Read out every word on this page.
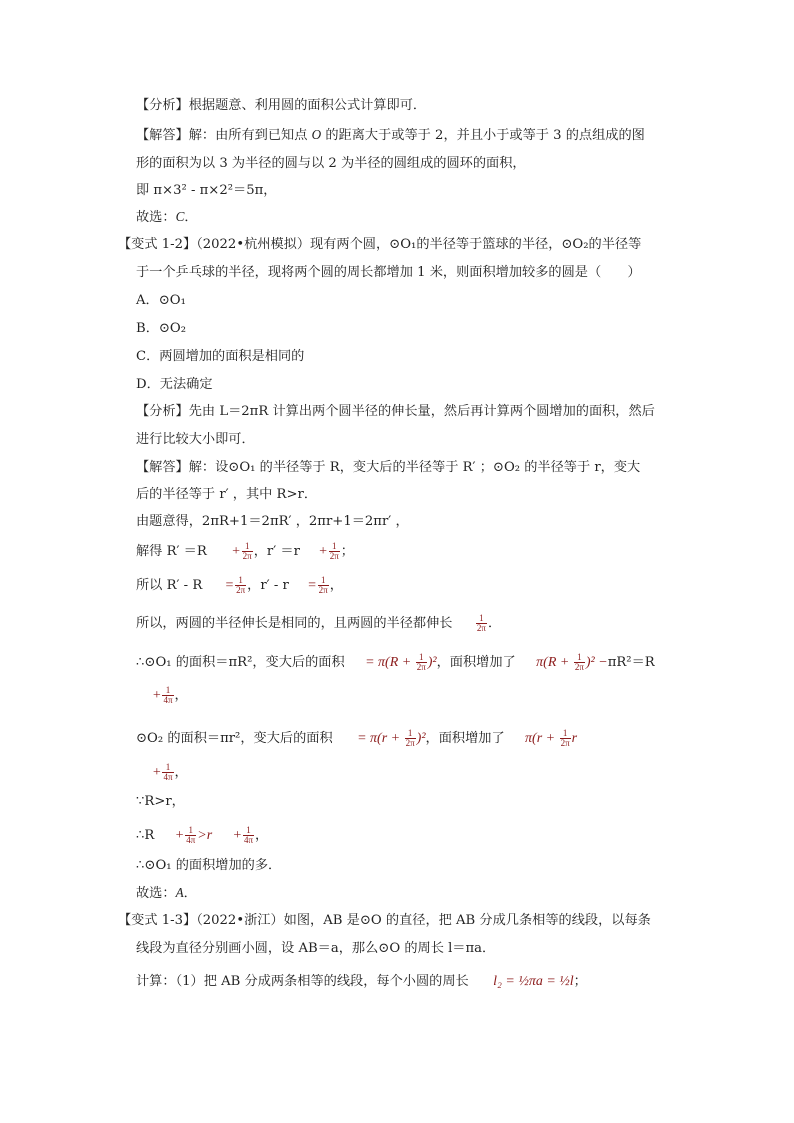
【分析】根据题意、利用圆的面积公式计算即可．
【解答】解：由所有到已知点 O 的距离大于或等于 2，并且小于或等于 3 的点组成的图
形的面积为以 3 为半径的圆与以 2 为半径的圆组成的圆环的面积，
即 π×3² - π×2²＝5π，
故选：C．
【变式 1-2】（2022•杭州模拟）现有两个圆，⊙O₁的半径等于篮球的半径，⊙O₂的半径等
于一个乒乓球的半径，现将两个圆的周长都增加 1 米，则面积增加较多的圆是（　　）
A．⊙O₁
B．⊙O₂
C．两圆增加的面积是相同的
D．无法确定
【分析】先由 L＝2πR 计算出两个圆半径的伸长量，然后再计算两个圆增加的面积，然后
进行比较大小即可．
【解答】解：设⊙O₁ 的半径等于 R，变大后的半径等于 R′ ；⊙O₂ 的半径等于 r，变大
后的半径等于 r′ ，其中 R>r．
由题意得，2πR+1＝2πR′ ，2πr+1＝2πr′ ，
解得 $R' =R + \frac{1}{2\pi}$ ，$r' =r + \frac{1}{2\pi}$ ；
所以 $R' - R = \frac{1}{2\pi}$ ，$r' - r = \frac{1}{2\pi}$ ，
所以，两圆的半径伸长是相同的，且两圆的半径都伸长	$\frac{1}{2\pi}$ ．
∴⊙O₁ 的面积＝πR²，变大后的面积 = $\pi(R + \frac{1}{2\pi} )^2$，面积增加了 $\pi(R + \frac{1}{2\pi} )^2 -\pi R^2=R$
+ $\frac{1}{4\pi}$ ，
⊙O₂ 的面积＝πr²，变大后的面积 = $\pi(r + \frac{1}{2\pi} )^2$，面积增加了 $\pi(r + \frac{1}{2\pi}$ r
+ $\frac{1}{4\pi}$ ，
∵R>r，
∴R + $\frac{1}{4\pi} >r + \frac{1}{4\pi}$ ，
∴⊙O₁ 的面积增加的多．
故选：A．
【变式 1-3】（2022•浙江）如图，AB 是⊙O 的直径，把 AB 分成几条相等的线段，以每条
线段为直径分别画小圆，设 AB＝a，那么⊙O 的周长 l＝πa．
计算：（1）把 AB 分成两条相等的线段，每个小圆的周长 l₂ = ½πa = ½l；
